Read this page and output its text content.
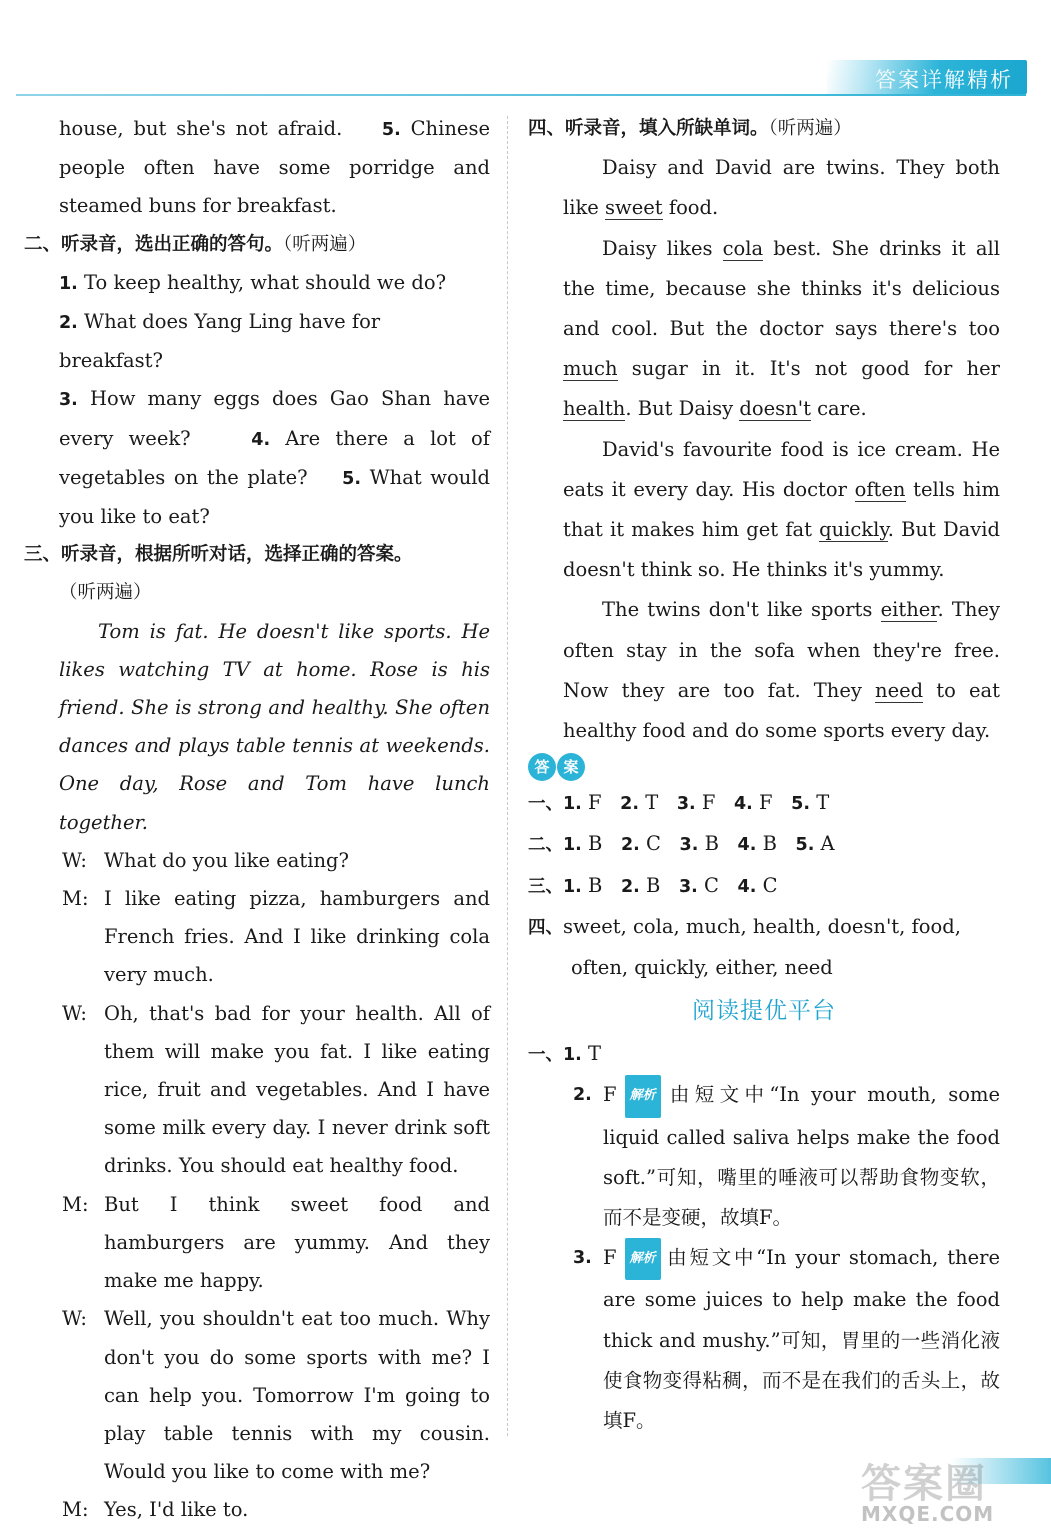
答案详解精析

house, but she's not afraid. 5. Chinese people often have some porridge and steamed buns for breakfast.

二、听录音，选出正确的答句。（听两遍）

1. To keep healthy, what should we do?

2. What does Yang Ling have for breakfast?

3. How many eggs does Gao Shan have every week?	4. Are there a lot of vegetables on the plate? 5. What would you like to eat?

三、听录音，根据所听对话，选择正确的答案。

（听两遍）

Tom is fat. He doesn't like sports. He likes watching TV at home. Rose is his friend. She is strong and healthy. She often dances and plays table tennis at weekends. One day, Rose and Tom have lunch together.

W: What do you like eating?

M: I like eating pizza, hamburgers and French fries. And I like drinking cola very much.

W: Oh, that's bad for your health. All of them will make you fat. I like eating rice, fruit and vegetables. And I have some milk every day. I never drink soft drinks. You should eat healthy food.

M: But I think sweet food and hamburgers are yummy. And they make me happy.

W: Well, you shouldn't eat too much. Why don't you do some sports with me? I can help you. Tomorrow I'm going to play table tennis with my cousin. Would you like to come with me?

M: Yes, I'd like to.

四、听录音，填入所缺单词。（听两遍）

Daisy and David are twins. They both like sweet food.

Daisy likes cola best. She drinks it all the time, because she thinks it's delicious and cool. But the doctor says there's too much sugar in it. It's not good for her health. But Daisy doesn't care.

David's favourite food is ice cream. He eats it every day. His doctor often tells him that it makes him get fat quickly. But David doesn't think so. He thinks it's yummy.

The twins don't like sports either. They often stay in the sofa when they're free. Now they are too fat. They need to eat healthy food and do some sports every day.

答 案

一、1. F 2. T 3. F 4. F 5. T

二、1. B 2. C 3. B 4. B 5. A

三、1. B 2. B 3. C 4. C

四、sweet, cola, much, health, doesn't, food,

often, quickly, either, need

阅读提优平台

一、1. T

2. F 解析 由短文中“In your mouth, some liquid called saliva helps make the food soft.”可知，嘴里的唾液可以帮助食物变软，而不是变硬，故填F。

3. F 解析 由短文中“In your stomach, there are some juices to help make the food thick and mushy.”可知，胃里的一些消化液使食物变得粘稠，而不是在我们的舌头上，故填F。

答案圈
MXQE.COM
